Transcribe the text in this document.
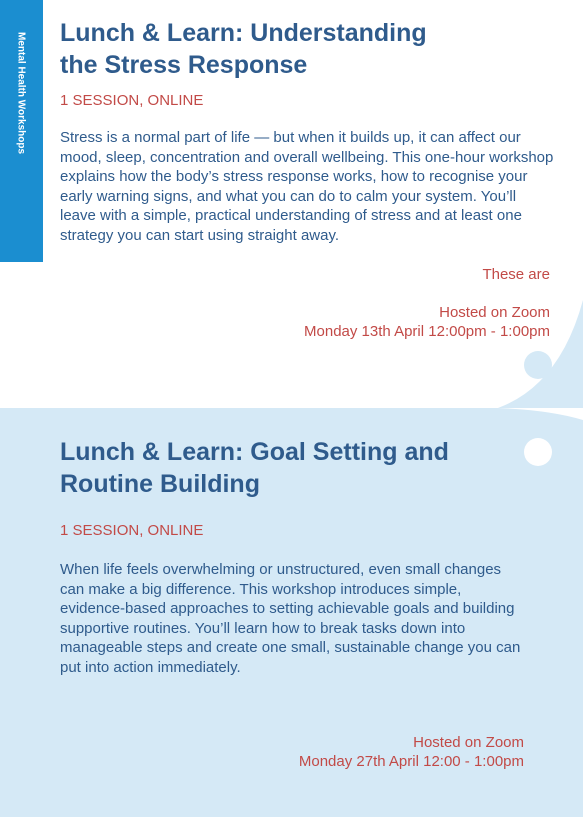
Lunch & Learn: Understanding
the Stress Response
1 SESSION, ONLINE

Stress is a normal part of life — but when it builds up, it can affect our mood, sleep, concentration and overall wellbeing. This one-hour workshop explains how the body’s stress response works, how to recognise your early warning signs, and what you can do to calm your system. You’ll leave with a simple, practical understanding of stress and at least one strategy you can start using straight away.

These are
Hosted on Zoom
Monday 13th April 12:00pm - 1:00pm
Lunch & Learn: Goal Setting and
Routine Building
1 SESSION, ONLINE

When life feels overwhelming or unstructured, even small changes can make a big difference. This workshop introduces simple, evidence-based approaches to setting achievable goals and building supportive routines. You’ll learn how to break tasks down into manageable steps and create one small, sustainable change you can put into action immediately.

Hosted on Zoom
Monday 27th April 12:00 - 1:00pm
Mental Health Workshops
